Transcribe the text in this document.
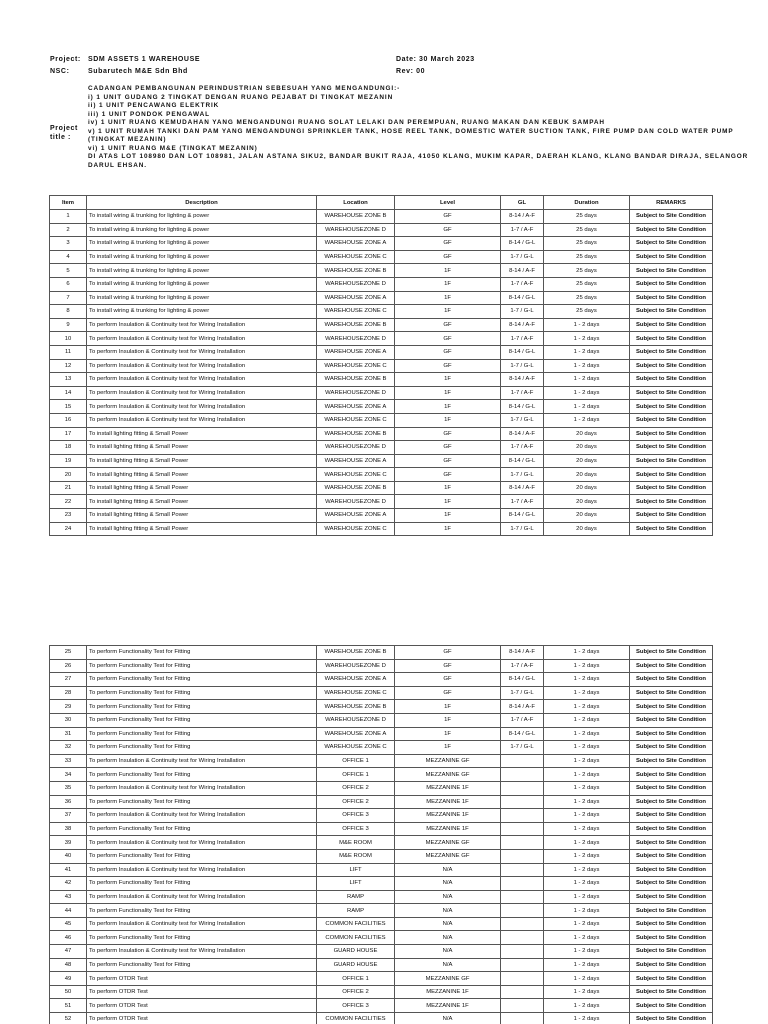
Project: SDM ASSETS 1 WAREHOUSE	Date: 30 March 2023
NSC:	Subarutech M&E Sdn Bhd	Rev: 00
Project
title :
CADANGAN PEMBANGUNAN PERINDUSTRIAN SEBESUAH YANG MENGANDUNGI:-
i) 1 UNIT GUDANG 2 TINGKAT DENGAN RUANG PEJABAT DI TINGKAT MEZANIN
ii) 1 UNIT PENCAWANG ELEKTRIK
iii) 1 UNIT PONDOK PENGAWAL
iv) 1 UNIT RUANG KEMUDAHAN YANG MENGANDUNGI RUANG SOLAT LELAKI DAN PEREMPUAN, RUANG MAKAN DAN KEBUK SAMPAH
v) 1 UNIT RUMAH TANKI DAN PAM YANG MENGANDUNGI SPRINKLER TANK, HOSE REEL TANK, DOMESTIC WATER SUCTION TANK, FIRE PUMP DAN COLD WATER PUMP
(TINGKAT MEZANIN)
vi) 1 UNIT RUANG M&E (TINGKAT MEZANIN)
DI ATAS LOT 108980 DAN LOT 108981, JALAN ASTANA SIKU2, BANDAR BUKIT RAJA, 41050 KLANG, MUKIM KAPAR, DAERAH KLANG, KLANG BANDAR DIRAJA, SELANGOR
DARUL EHSAN.
Item	Description	Location	Level	GL	Duration	REMARKS
1	To install wiring & trunking for lighting & power	WAREHOUSE ZONE B	GF	8-14 / A-F	25 days	Subject to Site Condition
2	To install wiring & trunking for lighting & power	WAREHOUSEZONE D	GF	1-7 / A-F	25 days	Subject to Site Condition
3	To install wiring & trunking for lighting & power	WAREHOUSE ZONE A	GF	8-14 / G-L	25 days	Subject to Site Condition
4	To install wiring & trunking for lighting & power	WAREHOUSE ZONE C	GF	1-7 / G-L	25 days	Subject to Site Condition
5	To install wiring & trunking for lighting & power	WAREHOUSE ZONE B	1F	8-14 / A-F	25 days	Subject to Site Condition
6	To install wiring & trunking for lighting & power	WAREHOUSEZONE D	1F	1-7 / A-F	25 days	Subject to Site Condition
7	To install wiring & trunking for lighting & power	WAREHOUSE ZONE A	1F	8-14 / G-L	25 days	Subject to Site Condition
8	To install wiring & trunking for lighting & power	WAREHOUSE ZONE C	1F	1-7 / G-L	25 days	Subject to Site Condition
9	To perform Insulation & Continuity test for Wiring Installation	WAREHOUSE ZONE B	GF	8-14 / A-F	1 - 2 days	Subject to Site Condition
10	To perform Insulation & Continuity test for Wiring Installation	WAREHOUSEZONE D	GF	1-7 / A-F	1 - 2 days	Subject to Site Condition
11	To perform Insulation & Continuity test for Wiring Installation	WAREHOUSE ZONE A	GF	8-14 / G-L	1 - 2 days	Subject to Site Condition
12	To perform Insulation & Continuity test for Wiring Installation	WAREHOUSE ZONE C	GF	1-7 / G-L	1 - 2 days	Subject to Site Condition
13	To perform Insulation & Continuity test for Wiring Installation	WAREHOUSE ZONE B	1F	8-14 / A-F	1 - 2 days	Subject to Site Condition
14	To perform Insulation & Continuity test for Wiring Installation	WAREHOUSEZONE D	1F	1-7 / A-F	1 - 2 days	Subject to Site Condition
15	To perform Insulation & Continuity test for Wiring Installation	WAREHOUSE ZONE A	1F	8-14 / G-L	1 - 2 days	Subject to Site Condition
16	To perform Insulation & Continuity test for Wiring Installation	WAREHOUSE ZONE C	1F	1-7 / G-L	1 - 2 days	Subject to Site Condition
17	To install lighting fitting & Small Power	WAREHOUSE ZONE B	GF	8-14 / A-F	20 days	Subject to Site Condition
18	To install lighting fitting & Small Power	WAREHOUSEZONE D	GF	1-7 / A-F	20 days	Subject to Site Condition
19	To install lighting fitting & Small Power	WAREHOUSE ZONE A	GF	8-14 / G-L	20 days	Subject to Site Condition
20	To install lighting fitting & Small Power	WAREHOUSE ZONE C	GF	1-7 / G-L	20 days	Subject to Site Condition
21	To install lighting fitting & Small Power	WAREHOUSE ZONE B	1F	8-14 / A-F	20 days	Subject to Site Condition
22	To install lighting fitting & Small Power	WAREHOUSEZONE D	1F	1-7 / A-F	20 days	Subject to Site Condition
23	To install lighting fitting & Small Power	WAREHOUSE ZONE A	1F	8-14 / G-L	20 days	Subject to Site Condition
24	To install lighting fitting & Small Power	WAREHOUSE ZONE C	1F	1-7 / G-L	20 days	Subject to Site Condition
25	To perform Functionality Test for Fitting	WAREHOUSE ZONE B	GF	8-14 / A-F	1 - 2 days	Subject to Site Condition
26	To perform Functionality Test for Fitting	WAREHOUSEZONE D	GF	1-7 / A-F	1 - 2 days	Subject to Site Condition
27	To perform Functionality Test for Fitting	WAREHOUSE ZONE A	GF	8-14 / G-L	1 - 2 days	Subject to Site Condition
28	To perform Functionality Test for Fitting	WAREHOUSE ZONE C	GF	1-7 / G-L	1 - 2 days	Subject to Site Condition
29	To perform Functionality Test for Fitting	WAREHOUSE ZONE B	1F	8-14 / A-F	1 - 2 days	Subject to Site Condition
30	To perform Functionality Test for Fitting	WAREHOUSEZONE D	1F	1-7 / A-F	1 - 2 days	Subject to Site Condition
31	To perform Functionality Test for Fitting	WAREHOUSE ZONE A	1F	8-14 / G-L	1 - 2 days	Subject to Site Condition
32	To perform Functionality Test for Fitting	WAREHOUSE ZONE C	1F	1-7 / G-L	1 - 2 days	Subject to Site Condition
33	To perform Insulation & Continuity test for Wiring Installation	OFFICE 1	MEZZANINE GF		1 - 2 days	Subject to Site Condition
34	To perform Functionality Test for Fitting	OFFICE 1	MEZZANINE GF		1 - 2 days	Subject to Site Condition
35	To perform Insulation & Continuity test for Wiring Installation	OFFICE 2	MEZZANINE 1F		1 - 2 days	Subject to Site Condition
36	To perform Functionality Test for Fitting	OFFICE 2	MEZZANINE 1F		1 - 2 days	Subject to Site Condition
37	To perform Insulation & Continuity test for Wiring Installation	OFFICE 3	MEZZANINE 1F		1 - 2 days	Subject to Site Condition
38	To perform Functionality Test for Fitting	OFFICE 3	MEZZANINE 1F		1 - 2 days	Subject to Site Condition
39	To perform Insulation & Continuity test for Wiring Installation	M&E ROOM	MEZZANINE GF		1 - 2 days	Subject to Site Condition
40	To perform Functionality Test for Fitting	M&E ROOM	MEZZANINE GF		1 - 2 days	Subject to Site Condition
41	To perform Insulation & Continuity test for Wiring Installation	LIFT	N/A		1 - 2 days	Subject to Site Condition
42	To perform Functionality Test for Fitting	LIFT	N/A		1 - 2 days	Subject to Site Condition
43	To perform Insulation & Continuity test for Wiring Installation	RAMP	N/A		1 - 2 days	Subject to Site Condition
44	To perform Functionality Test for Fitting	RAMP	N/A		1 - 2 days	Subject to Site Condition
45	To perform Insulation & Continuity test for Wiring Installation	COMMON FACILITIES	N/A		1 - 2 days	Subject to Site Condition
46	To perform Functionality Test for Fitting	COMMON FACILITIES	N/A		1 - 2 days	Subject to Site Condition
47	To perform Insulation & Continuity test for Wiring Installation	GUARD HOUSE	N/A		1 - 2 days	Subject to Site Condition
48	To perform Functionality Test for Fitting	GUARD HOUSE	N/A		1 - 2 days	Subject to Site Condition
49	To perform OTDR Test	OFFICE 1	MEZZANINE GF		1 - 2 days	Subject to Site Condition
50	To perform OTDR Test	OFFICE 2	MEZZANINE 1F		1 - 2 days	Subject to Site Condition
51	To perform OTDR Test	OFFICE 3	MEZZANINE 1F		1 - 2 days	Subject to Site Condition
52	To perform OTDR Test	COMMON FACILITIES	N/A		1 - 2 days	Subject to Site Condition
